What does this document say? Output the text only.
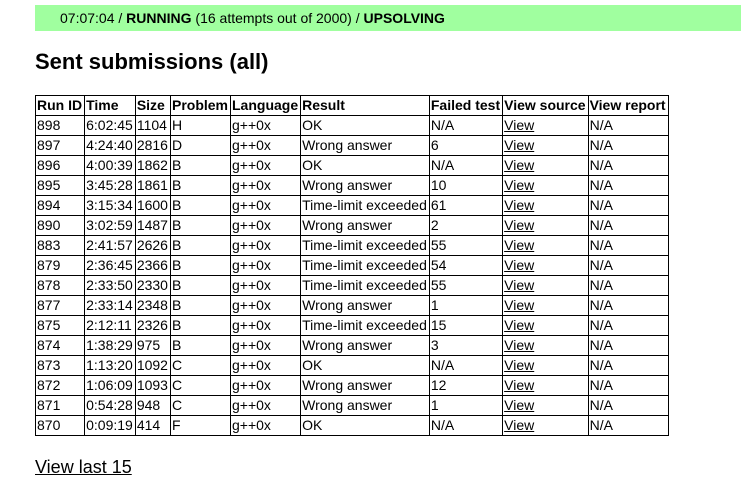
07:07:04 / RUNNING (16 attempts out of 2000) / UPSOLVING
Sent submissions (all)
Run ID	Time	Size	Problem	Language	Result	Failed test	View source	View report
898	6:02:45	1104	H	g++0x	OK	N/A	View	N/A
897	4:24:40	2816	D	g++0x	Wrong answer	6	View	N/A
896	4:00:39	1862	B	g++0x	OK	N/A	View	N/A
895	3:45:28	1861	B	g++0x	Wrong answer	10	View	N/A
894	3:15:34	1600	B	g++0x	Time-limit exceeded	61	View	N/A
890	3:02:59	1487	B	g++0x	Wrong answer	2	View	N/A
883	2:41:57	2626	B	g++0x	Time-limit exceeded	55	View	N/A
879	2:36:45	2366	B	g++0x	Time-limit exceeded	54	View	N/A
878	2:33:50	2330	B	g++0x	Time-limit exceeded	55	View	N/A
877	2:33:14	2348	B	g++0x	Wrong answer	1	View	N/A
875	2:12:11	2326	B	g++0x	Time-limit exceeded	15	View	N/A
874	1:38:29	975	B	g++0x	Wrong answer	3	View	N/A
873	1:13:20	1092	C	g++0x	OK	N/A	View	N/A
872	1:06:09	1093	C	g++0x	Wrong answer	12	View	N/A
871	0:54:28	948	C	g++0x	Wrong answer	1	View	N/A
870	0:09:19	414	F	g++0x	OK	N/A	View	N/A
View last 15
